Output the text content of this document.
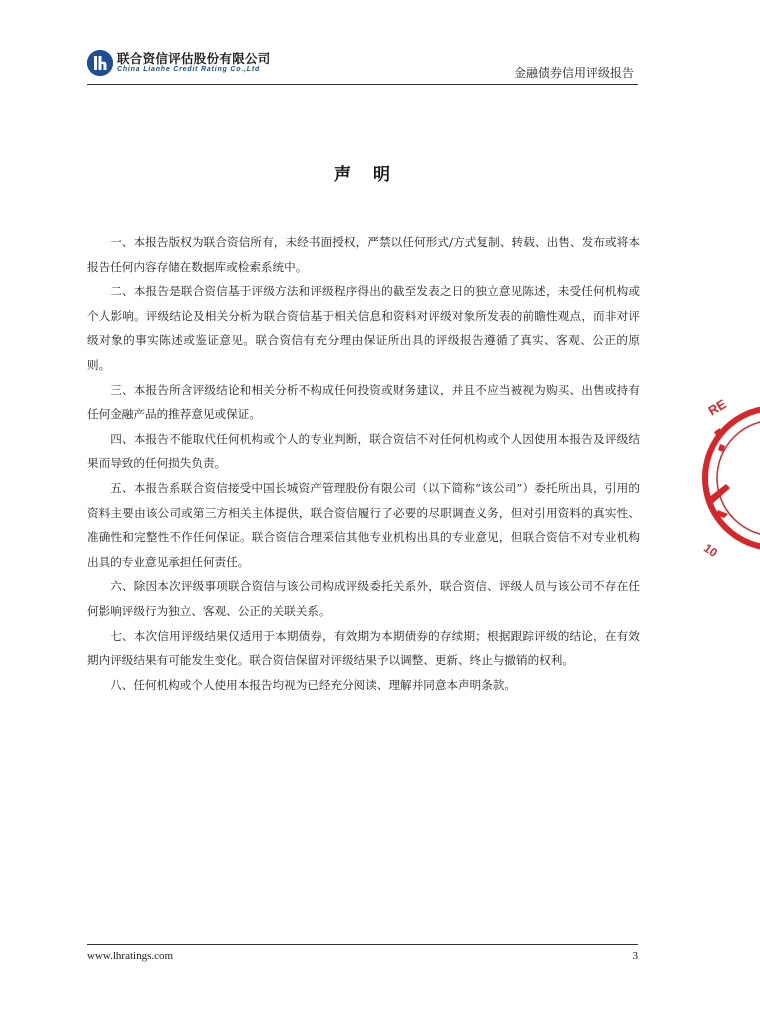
联合资信评估股份有限公司
China Lianhe Credit Rating Co.,Ltd	金融债券信用评级报告
声明

一、本报告版权为联合资信所有，未经书面授权，严禁以任何形式/方式复制、转载、出售、发布或将本报告任何内容存储在数据库或检索系统中。

二、本报告是联合资信基于评级方法和评级程序得出的截至发表之日的独立意见陈述，未受任何机构或个人影响。评级结论及相关分析为联合资信基于相关信息和资料对评级对象所发表的前瞻性观点，而非对评级对象的事实陈述或鉴证意见。联合资信有充分理由保证所出具的评级报告遵循了真实、客观、公正的原则。

三、本报告所含评级结论和相关分析不构成任何投资或财务建议，并且不应当被视为购买、出售或持有任何金融产品的推荐意见或保证。

四、本报告不能取代任何机构或个人的专业判断，联合资信不对任何机构或个人因使用本报告及评级结果而导致的任何损失负责。

五、本报告系联合资信接受中国长城资产管理股份有限公司（以下简称“该公司”）委托所出具，引用的资料主要由该公司或第三方相关主体提供，联合资信履行了必要的尽职调查义务，但对引用资料的真实性、准确性和完整性不作任何保证。联合资信合理采信其他专业机构出具的专业意见，但联合资信不对专业机构出具的专业意见承担任何责任。

六、除因本次评级事项联合资信与该公司构成评级委托关系外，联合资信、评级人员与该公司不存在任何影响评级行为独立、客观、公正的关联关系。

七、本次信用评级结果仅适用于本期债券，有效期为本期债券的存续期；根据跟踪评级的结论，在有效期内评级结果有可能发生变化。联合资信保留对评级结果予以调整、更新、终止与撤销的权利。

八、任何机构或个人使用本报告均视为已经充分阅读、理解并同意本声明条款。

RE
10
www.lhratings.com	3
